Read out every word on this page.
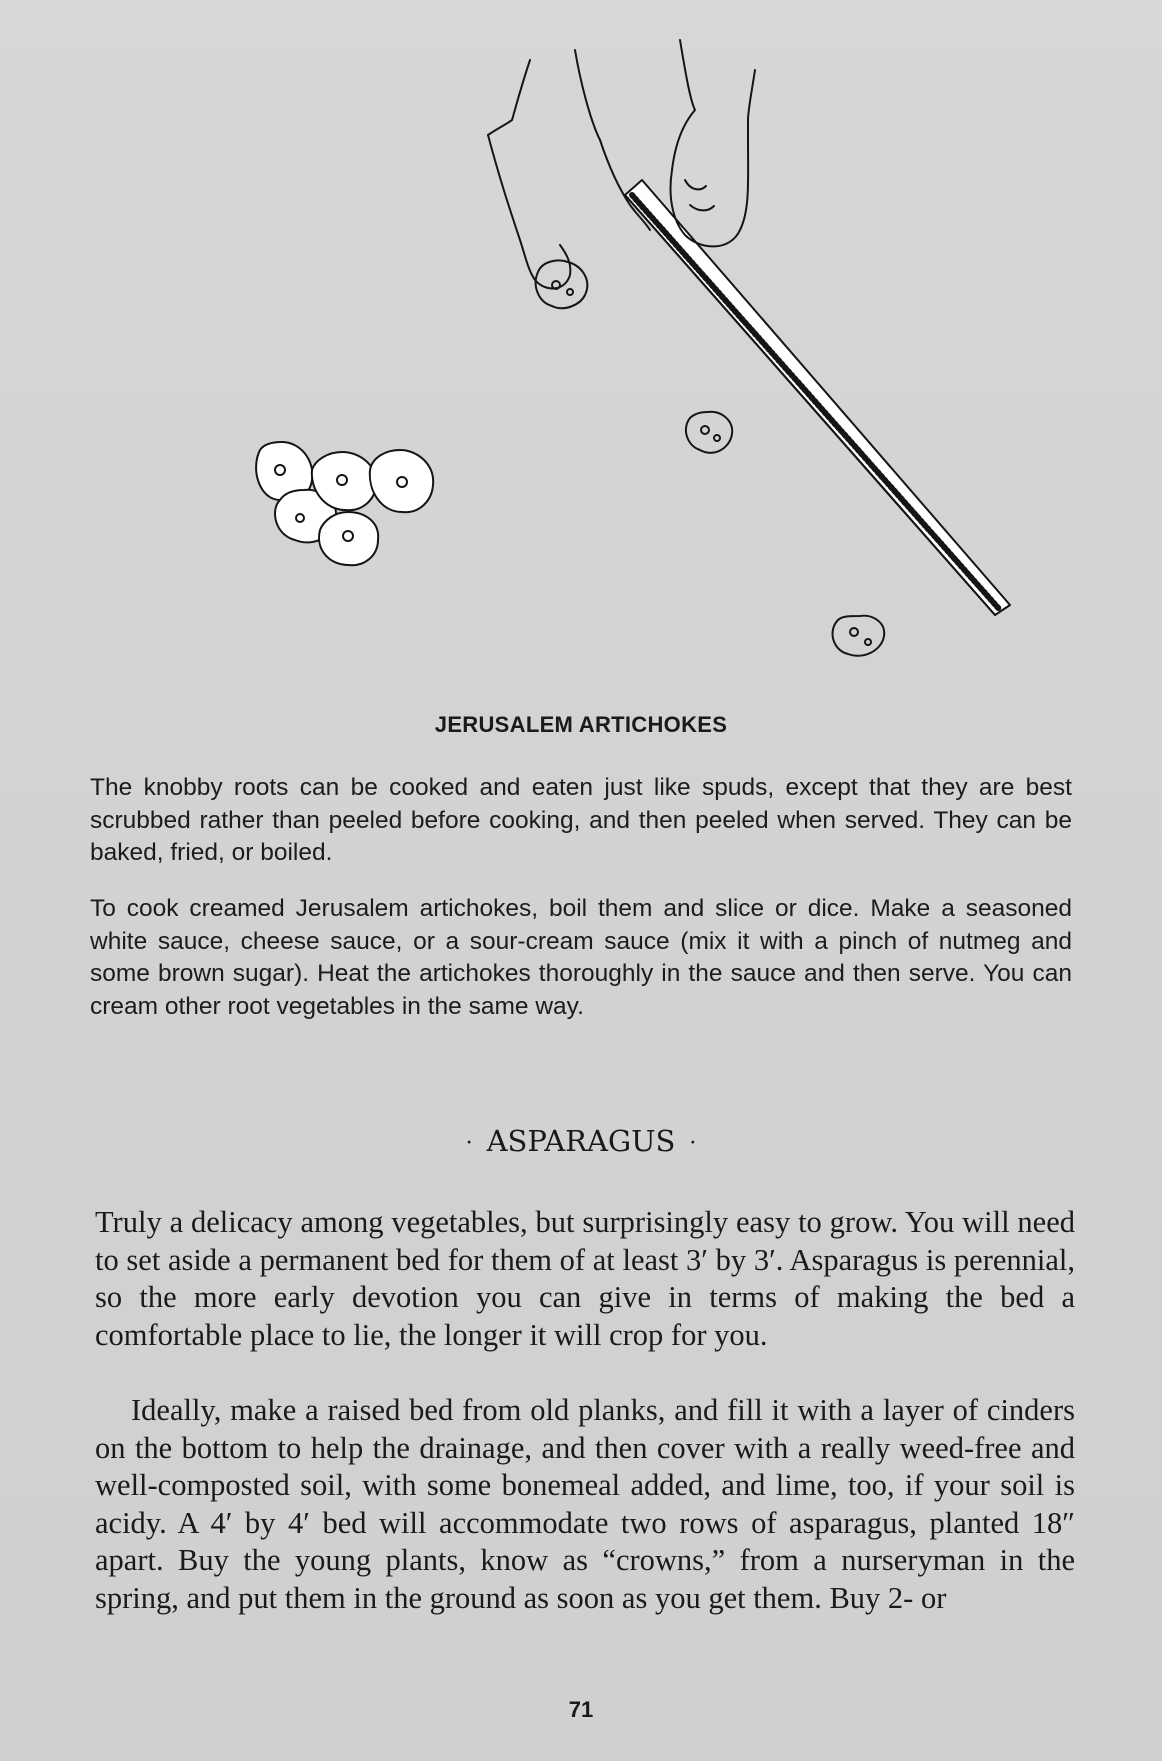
JERUSALEM ARTICHOKES

The knobby roots can be cooked and eaten just like spuds, except that they are best scrubbed rather than peeled before cooking, and then peeled when served. They can be baked, fried, or boiled.

To cook creamed Jerusalem artichokes, boil them and slice or dice. Make a seasoned white sauce, cheese sauce, or a sour-cream sauce (mix it with a pinch of nutmeg and some brown sugar). Heat the artichokes thoroughly in the sauce and then serve. You can cream other root vegetables in the same way.

· ASPARAGUS ·

Truly a delicacy among vegetables, but surprisingly easy to grow. You will need to set aside a permanent bed for them of at least 3′ by 3′. Asparagus is perennial, so the more early devotion you can give in terms of making the bed a comfortable place to lie, the longer it will crop for you.

Ideally, make a raised bed from old planks, and fill it with a layer of cinders on the bottom to help the drainage, and then cover with a really weed-free and well-composted soil, with some bonemeal added, and lime, too, if your soil is acidy. A 4′ by 4′ bed will accommodate two rows of asparagus, planted 18″ apart. Buy the young plants, know as “crowns,” from a nurseryman in the spring, and put them in the ground as soon as you get them. Buy 2- or

71
